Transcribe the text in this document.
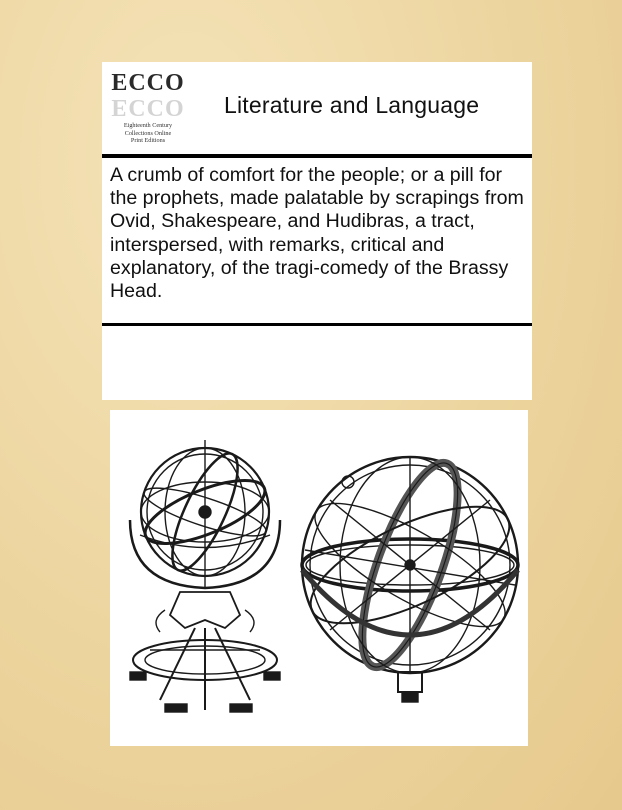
ECCO
ECCO
Eighteenth Century
Collections Online
Print Editions
Literature and Language
A crumb of comfort for the people; or a pill for the prophets, made palatable by scrapings from Ovid, Shakespeare, and Hudibras, a tract, interspersed, with remarks, critical and explanatory, of the tragi-comedy of the Brassy Head.
